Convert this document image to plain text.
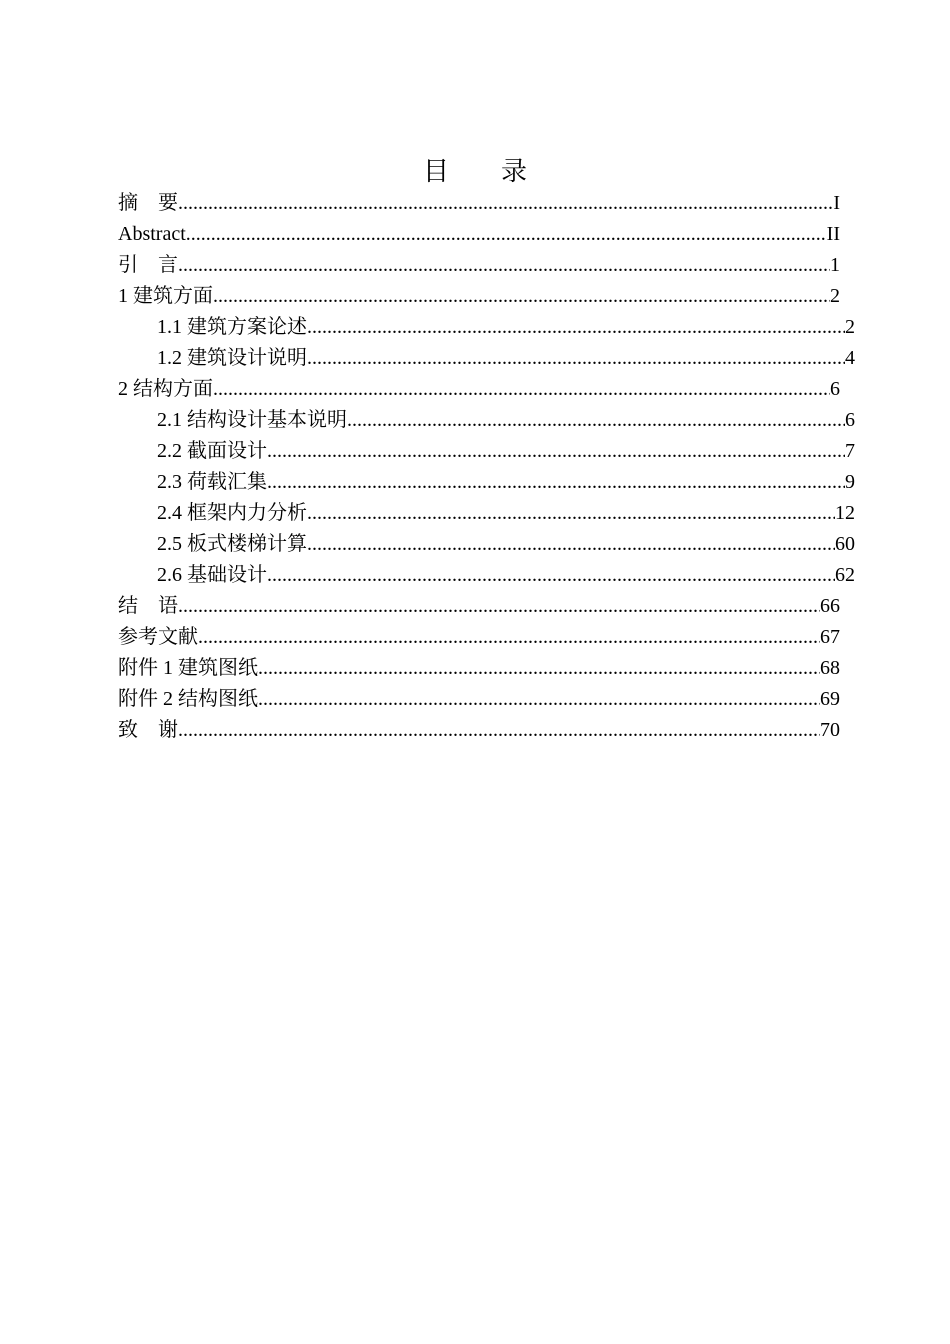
目　　录
摘　要 .....	I
Abstract .....	II
引　言 .....	1
1 建筑方面 .....	2
1.1 建筑方案论述 .....	2
1.2 建筑设计说明 .....	4
2 结构方面 .....	6
2.1 结构设计基本说明 .....	6
2.2 截面设计 .....	7
2.3 荷载汇集 .....	9
2.4 框架内力分析 .....	12
2.5 板式楼梯计算 .....	60
2.6 基础设计 .....	62
结　语 .....	66
参考文献 .....	67
附件 1 建筑图纸 .....	68
附件 2 结构图纸 .....	69
致　谢 .....	70
